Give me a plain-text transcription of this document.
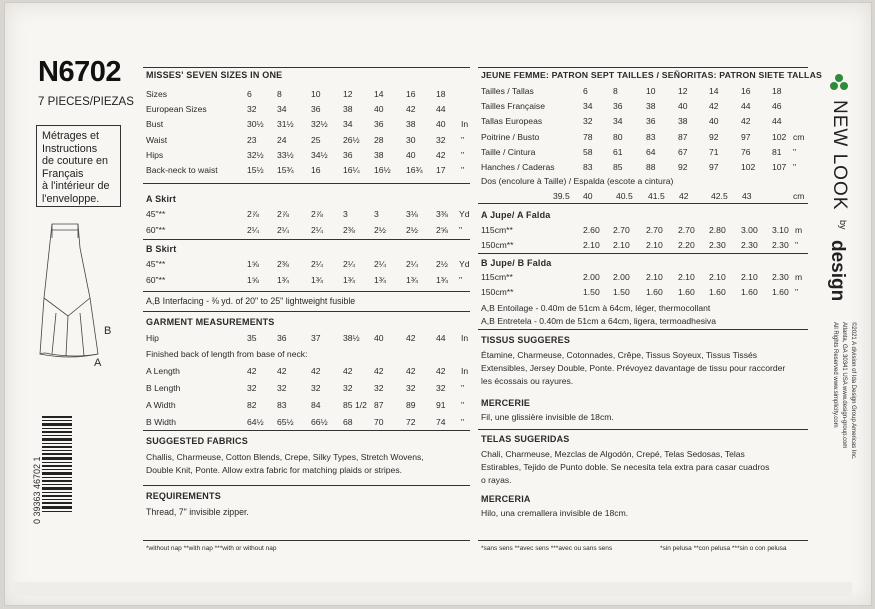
N6702
7 PIECES/PIEZAS
Métrages et
Instructions
de couture en
Français
à l'intérieur de
l'enveloppe.
B
A
0 39363 46702 1
MISSES' SEVEN SIZES IN ONE
Sizes	6	8	10	12 14	16 18
European Sizes	32 34	36	38 40	42 44
Bust	30½ 31½ 32½ 34 36	38 40 In
Waist	23 24	25	26½ 28	30 32 "
Hips	32½ 33½ 34½ 36 38	40 42 "
Back-neck to waist	15½ 15¾ 16	16¼ 16½ 16¾ 17 "
A Skirt
45"**	2⅞ 2⅞	2⅞ 3	3	3⅛ 3⅜ Yd
60"**	2¼ 2¼	2¼ 2⅜ 2½ 2½ 2⅝ "
B Skirt
45"**	1⅝ 2⅜	2¼ 2¼ 2¼ 2¼ 2½ Yd
60"**	1⅝ 1¾	1¾ 1¾ 1¾ 1¾ 1¾ "
A,B Interfacing - ⅜ yd. of 20" to 25" lightweight fusible
GARMENT MEASUREMENTS
Hip	35 36	37	38½ 40	42 44 In
Finished back of length from base of neck:
A Length	42 42	42	42 42	42 42 In
B Length	32 32	32	32 32	32 32 "
A Width	82 83	84	85 1/2 87	89 91 "
B Width	64½ 65½ 66½ 68 70	72 74 "
SUGGESTED FABRICS
Challis, Charmeuse, Cotton Blends, Crepe, Silky Types, Stretch Wovens,
Double Knit, Ponte. Allow extra fabric for matching plaids or stripes.
REQUIREMENTS
Thread, 7" invisible zipper.
*without nap **with nap ***with or without nap
JEUNE FEMME: PATRON SEPT TAILLES / SEÑORITAS: PATRON SIETE TALLAS
Tailles / Tallas	6	8	10	12 14	16 18
Tailles Française	34 36	38	40 42	44 46
Tallas Europeas	32 34	36	38 40	42 44
Poitrine / Busto	78 80	83	87 92	97 102 cm
Taille / Cintura	58 61	64	67 71	76 81 "
Hanches / Caderas	83 85	88	92 97	102 107 "
Dos (encolure à Taille) / Espalda (escote a cintura)
39.5 40	40.5 41.5 42	42.5 43	cm
A Jupe/ A Falda
115cm**	2.60 2.70 2.70 2.70 2.80 3.00 3.10 m
150cm**	2.10 2.10 2.10 2.20 2.30 2.30 2.30 "
B Jupe/ B Falda
115cm**	2.00 2.00 2.10 2.10 2.10 2.10 2.30 m
150cm**	1.50 1.50 1.60 1.60 1.60 1.60 1.60 "
A,B Entoilage - 0.40m de 51cm à 64cm, léger, thermocollant
A,B Entretela - 0.40m de 51cm a 64cm, ligera, termoadhesiva
TISSUS SUGGERES
Étamine, Charmeuse, Cotonnades, Crêpe, Tissus Soyeux, Tissus Tissés
Extensibles, Jersey Double, Ponte. Prévoyez davantage de tissu pour raccorder
les écossais ou rayures.
MERCERIE
Fil, une glissière invisible de 18cm.
TELAS SUGERIDAS
Chali, Charmeuse, Mezclas de Algodón, Crepé, Telas Sedosas, Telas
Estirables, Tejido de Punto doble. Se necesita tela extra para casar cuadros
o rayas.
MERCERIA
Hilo, una cremallera invisible de 18cm.
*sans sens **avec sens ***avec ou sans sens	*sin pelusa **con pelusa ***sin o con pelusa
NEW LOOK
by
design
©2021 A division of Ida Design Group Americas Inc.
Atlanta, GA 30341 USA www.design-group.com
All Rights Reserved www.simplicity.com
